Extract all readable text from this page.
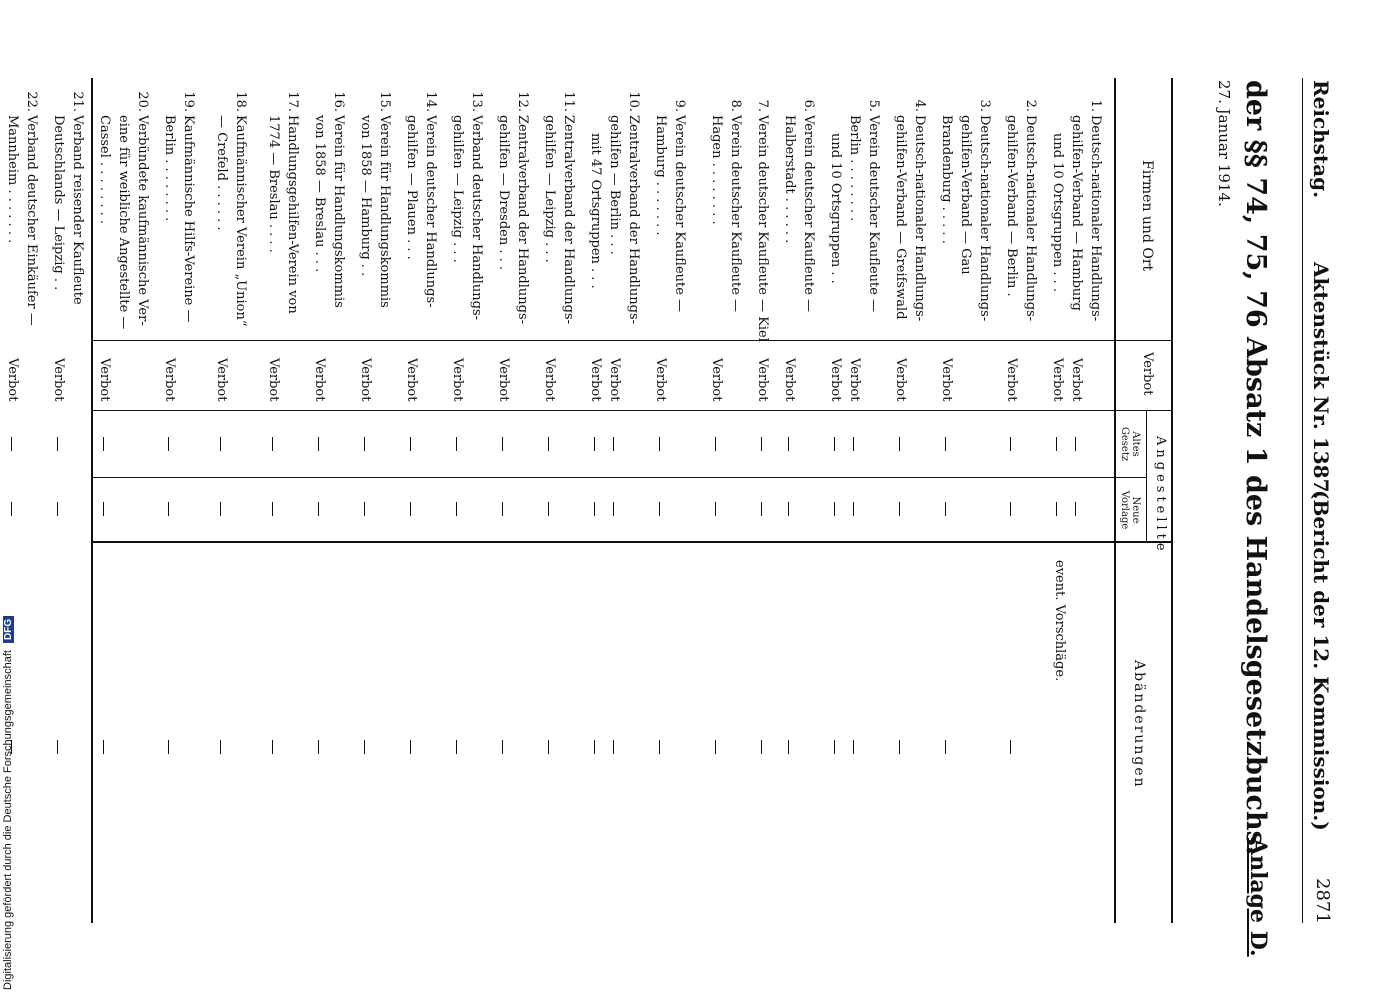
Reichstag.
Aktenstück Nr. 1387.
(Bericht der 12. Kommission.)
2871
der §§ 74, 75, 76 Absatz 1 des Handelsgesetzbuchs.
Anlage D.
27. Januar 1914.
Firmen und Ort
Verbot
Angestellte
Altes Gesetz
Neue Vorlage
Abänderungen
1.
Deutsch-nationaler Handlungs-
gehilfen-Verband — Hamburg
und 10 Ortsgruppen . . .
Verbot
Verbot
event. Vorschläge.
2.
Deutsch-nationaler Handlungs-
gehilfen-Verband — Berlin .
Verbot
3.
Deutsch-nationaler Handlungs-
gehilfen-Verband — Gau
Brandenburg . . . . .
Verbot
4.
Deutsch-nationaler Handlungs-
gehilfen-Verband — Greifswald
Verbot
5.
Verein deutscher Kaufleute —
Berlin . . . . . . . .
und 10 Ortsgruppen . .
Verbot
Verbot
6.
Verein deutscher Kaufleute —
Halberstadt . . . . . .
Verbot
7.
Verein deutscher Kaufleute — Kiel
Verbot
8.
Verein deutscher Kaufleute —
Hagen . . . . . . . .
Verbot
9.
Verein deutscher Kaufleute —
Hamburg . . . . . . .
Verbot
10.
Zentralverband der Handlungs-
gehilfen — Berlin . . .
mit 47 Ortsgruppen . . .
Verbot
Verbot
11.
Zentralverband der Handlungs-
gehilfen — Leipzig . . .
Verbot
12.
Zentralverband der Handlungs-
gehilfen — Dresden . . .
Verbot
13.
Verband deutscher Handlungs-
gehilfen — Leipzig . . .
Verbot
14.
Verein deutscher Handlungs-
gehilfen — Plauen . . .
Verbot
15.
Verein für Handlungskommis
von 1858 — Hamburg . .
Verbot
16.
Verein für Handlungskommis
von 1858 — Breslau . . .
Verbot
17.
Handlungsgehilfen-Verein von
1774 — Breslau . . . .
Verbot
18.
Kaufmännischer Verein „Union“
— Crefeld . . . . . .
Verbot
19.
Kaufmännische Hilfs-Vereine —
Berlin . . . . . . . .
Verbot
20.
Verbündete kaufmännische Ver-
eine für weibliche Angestellte —
Cassel . . . . . . . .
Verbot
21.
Verband reisender Kaufleute
Deutschlands — Leipzig . .
Verbot
22.
Verband deutscher Einkäufer —
Mannheim . . . . . . .
Verbot
Digitalisierung gefördert durch die Deutsche Forschungsgemeinschaft DFG
